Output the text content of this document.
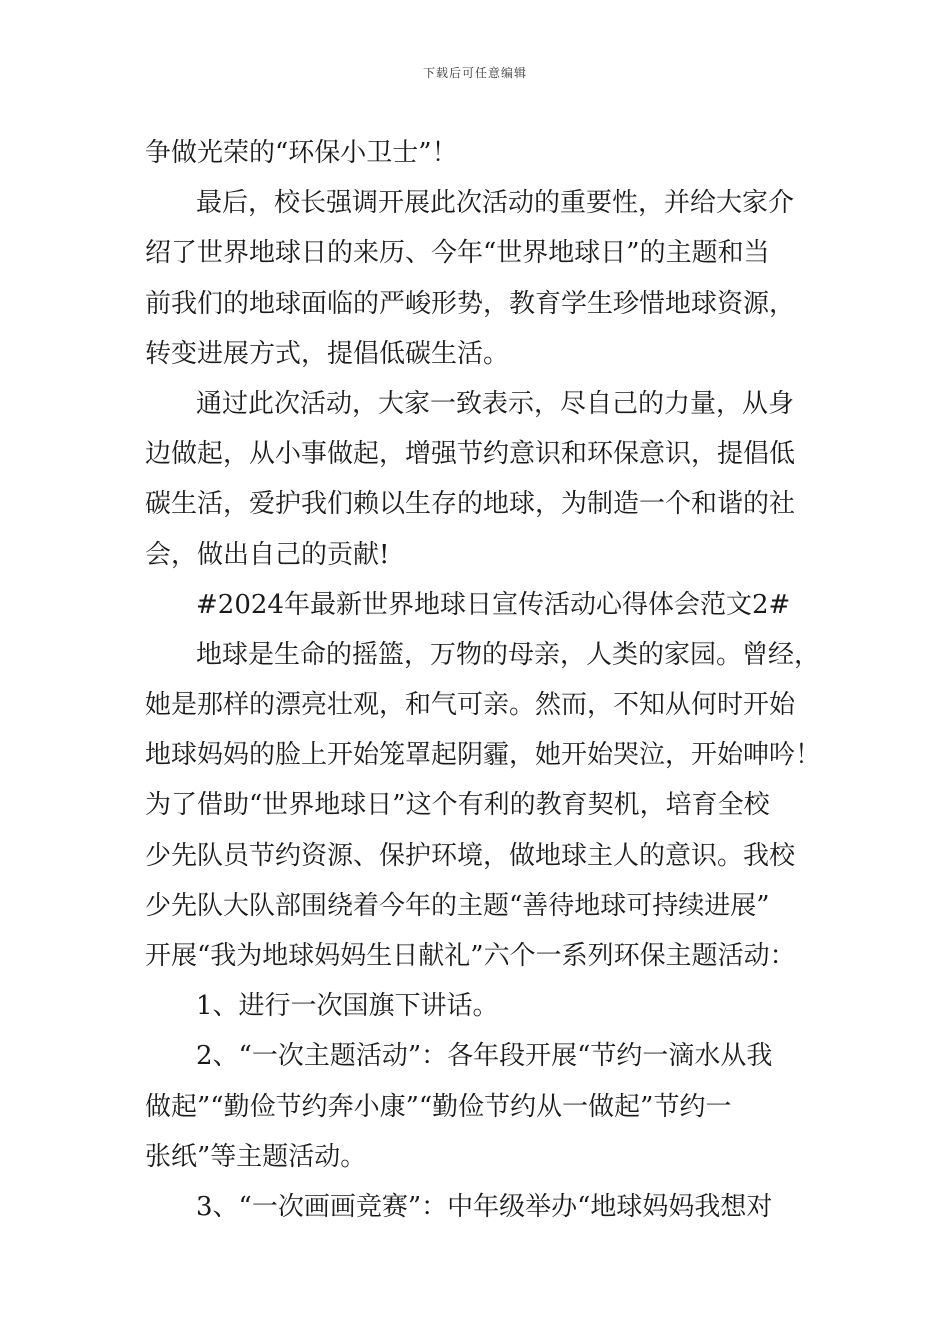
下载后可任意编辑
争做光荣的“环保小卫士”！
最后，校长强调开展此次活动的重要性，并给大家介
绍了世界地球日的来历、今年“世界地球日”的主题和当
前我们的地球面临的严峻形势，教育学生珍惜地球资源，
转变进展方式，提倡低碳生活。
通过此次活动，大家一致表示，尽自己的力量，从身
边做起，从小事做起，增强节约意识和环保意识，提倡低
碳生活，爱护我们赖以生存的地球，为制造一个和谐的社
会，做出自己的贡献!
#2024年最新世界地球日宣传活动心得体会范文2#
地球是生命的摇篮，万物的母亲，人类的家园。曾经，
她是那样的漂亮壮观，和气可亲。然而，不知从何时开始
地球妈妈的脸上开始笼罩起阴霾，她开始哭泣，开始呻吟！
为了借助“世界地球日”这个有利的教育契机，培育全校
少先队员节约资源、保护环境，做地球主人的意识。我校
少先队大队部围绕着今年的主题“善待地球可持续进展”
开展“我为地球妈妈生日献礼”六个一系列环保主题活动：
1、进行一次国旗下讲话。
2、“一次主题活动”：各年段开展“节约一滴水从我
做起”“勤俭节约奔小康”“勤俭节约从一做起”节约一
张纸”等主题活动。
3、“一次画画竞赛”：中年级举办“地球妈妈我想对
